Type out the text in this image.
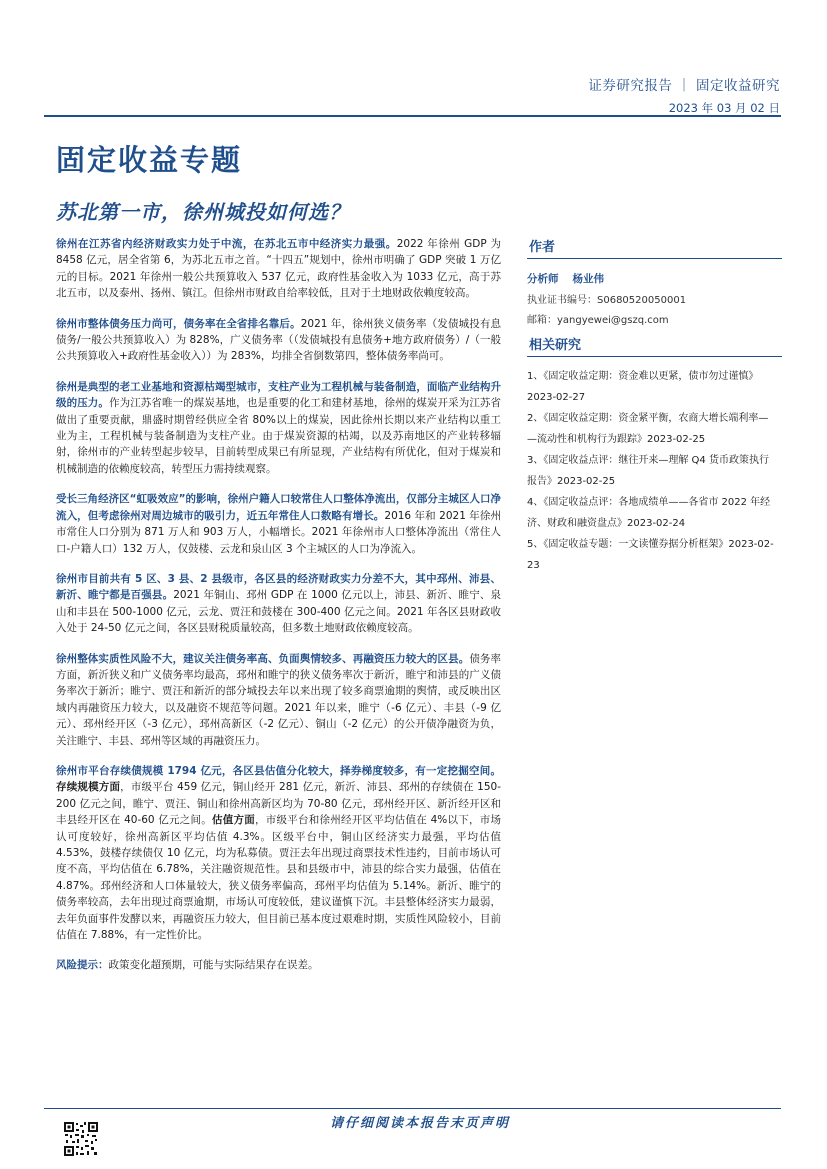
证券研究报告 ｜ 固定收益研究
2023 年 03 月 02 日
固定收益专题
苏北第一市，徐州城投如何选？

徐州在江苏省内经济财政实力处于中流，在苏北五市中经济实力最强。2022 年徐州 GDP 为 8458 亿元，居全省第 6，为苏北五市之首。“十四五”规划中，徐州市明确了 GDP 突破 1 万亿元的目标。2021 年徐州一般公共预算收入 537 亿元，政府性基金收入为 1033 亿元，高于苏北五市，以及泰州、扬州、镇江。但徐州市财政自给率较低，且对于土地财政依赖度较高。

徐州市整体债务压力尚可，债务率在全省排名靠后。2021 年，徐州狭义债务率（发债城投有息债务/一般公共预算收入）为 828%，广义债务率（（发债城投有息债务+地方政府债务）/（一般公共预算收入+政府性基金收入））为 283%，均排全省倒数第四，整体债务率尚可。

徐州是典型的老工业基地和资源枯竭型城市，支柱产业为工程机械与装备制造，面临产业结构升级的压力。作为江苏省唯一的煤炭基地，也是重要的化工和建材基地，徐州的煤炭开采为江苏省做出了重要贡献，鼎盛时期曾经供应全省 80%以上的煤炭，因此徐州长期以来产业结构以重工业为主，工程机械与装备制造为支柱产业。由于煤炭资源的枯竭，以及苏南地区的产业转移辐射，徐州市的产业转型起步较早，目前转型成果已有所显现，产业结构有所优化，但对于煤炭和机械制造的依赖度较高，转型压力需持续观察。

受长三角经济区“虹吸效应”的影响，徐州户籍人口较常住人口整体净流出，仅部分主城区人口净流入，但考虑徐州对周边城市的吸引力，近五年常住人口数略有增长。2016 年和 2021 年徐州市常住人口分别为 871 万人和 903 万人，小幅增长。2021 年徐州市人口整体净流出（常住人口-户籍人口）132 万人，仅鼓楼、云龙和泉山区 3 个主城区的人口为净流入。

徐州市目前共有 5 区、3 县、2 县级市，各区县的经济财政实力分差不大，其中邳州、沛县、新沂、睢宁都是百强县。2021 年铜山、邳州 GDP 在 1000 亿元以上，沛县、新沂、睢宁、泉山和丰县在 500-1000 亿元，云龙、贾汪和鼓楼在 300-400 亿元之间。2021 年各区县财政收入处于 24-50 亿元之间，各区县财税质量较高，但多数土地财政依赖度较高。

徐州整体实质性风险不大，建议关注债务率高、负面舆情较多、再融资压力较大的区县。债务率方面，新沂狭义和广义债务率均最高，邳州和睢宁的狭义债务率次于新沂，睢宁和沛县的广义债务率次于新沂；睢宁、贾汪和新沂的部分城投去年以来出现了较多商票逾期的舆情，或反映出区域内再融资压力较大，以及融资不规范等问题。2021 年以来，睢宁（-6 亿元）、丰县（-9 亿元）、邳州经开区（-3 亿元），邳州高新区（-2 亿元）、铜山（-2 亿元）的公开债净融资为负，关注睢宁、丰县、邳州等区域的再融资压力。

徐州市平台存续债规模 1794 亿元，各区县估值分化较大，择券梯度较多，有一定挖掘空间。存续规模方面，市级平台 459 亿元，铜山经开 281 亿元，新沂、沛县、邳州的存续债在 150-200 亿元之间，睢宁、贾汪、铜山和徐州高新区均为 70-80 亿元，邳州经开区、新沂经开区和丰县经开区在 40-60 亿元之间。估值方面，市级平台和徐州经开区平均估值在 4%以下，市场认可度较好，徐州高新区平均估值 4.3%。区级平台中，铜山区经济实力最强，平均估值 4.53%，鼓楼存续债仅 10 亿元，均为私募债。贾汪去年出现过商票技术性违约，目前市场认可度不高，平均估值在 6.78%，关注融资规范性。县和县级市中，沛县的综合实力最强，估值在 4.87%。邳州经济和人口体量较大，狭义债务率偏高，邳州平均估值为 5.14%。新沂、睢宁的债务率较高，去年出现过商票逾期，市场认可度较低，建议谨慎下沉。丰县整体经济实力最弱，去年负面事件发酵以来，再融资压力较大，但目前已基本度过艰难时期，实质性风险较小，目前估值在 7.88%，有一定性价比。

风险提示：政策变化超预期，可能与实际结果存在误差。

作者
分析师 杨业伟
执业证书编号：S0680520050001
邮箱：yangyewei@gszq.com
相关研究
1、《固定收益定期：资金难以更紧，债市勿过谨慎》
2023-02-27
2、《固定收益定期：资金紧平衡，农商大增长端利率—
—流动性和机构行为跟踪》2023-02-25
3、《固定收益点评：继往开来—理解 Q4 货币政策执行
报告》2023-02-25
4、《固定收益点评：各地成绩单——各省市 2022 年经
济、财政和融资盘点》2023-02-24
5、《固定收益专题：一文读懂券据分析框架》2023-02-
23
请仔细阅读本报告末页声明
